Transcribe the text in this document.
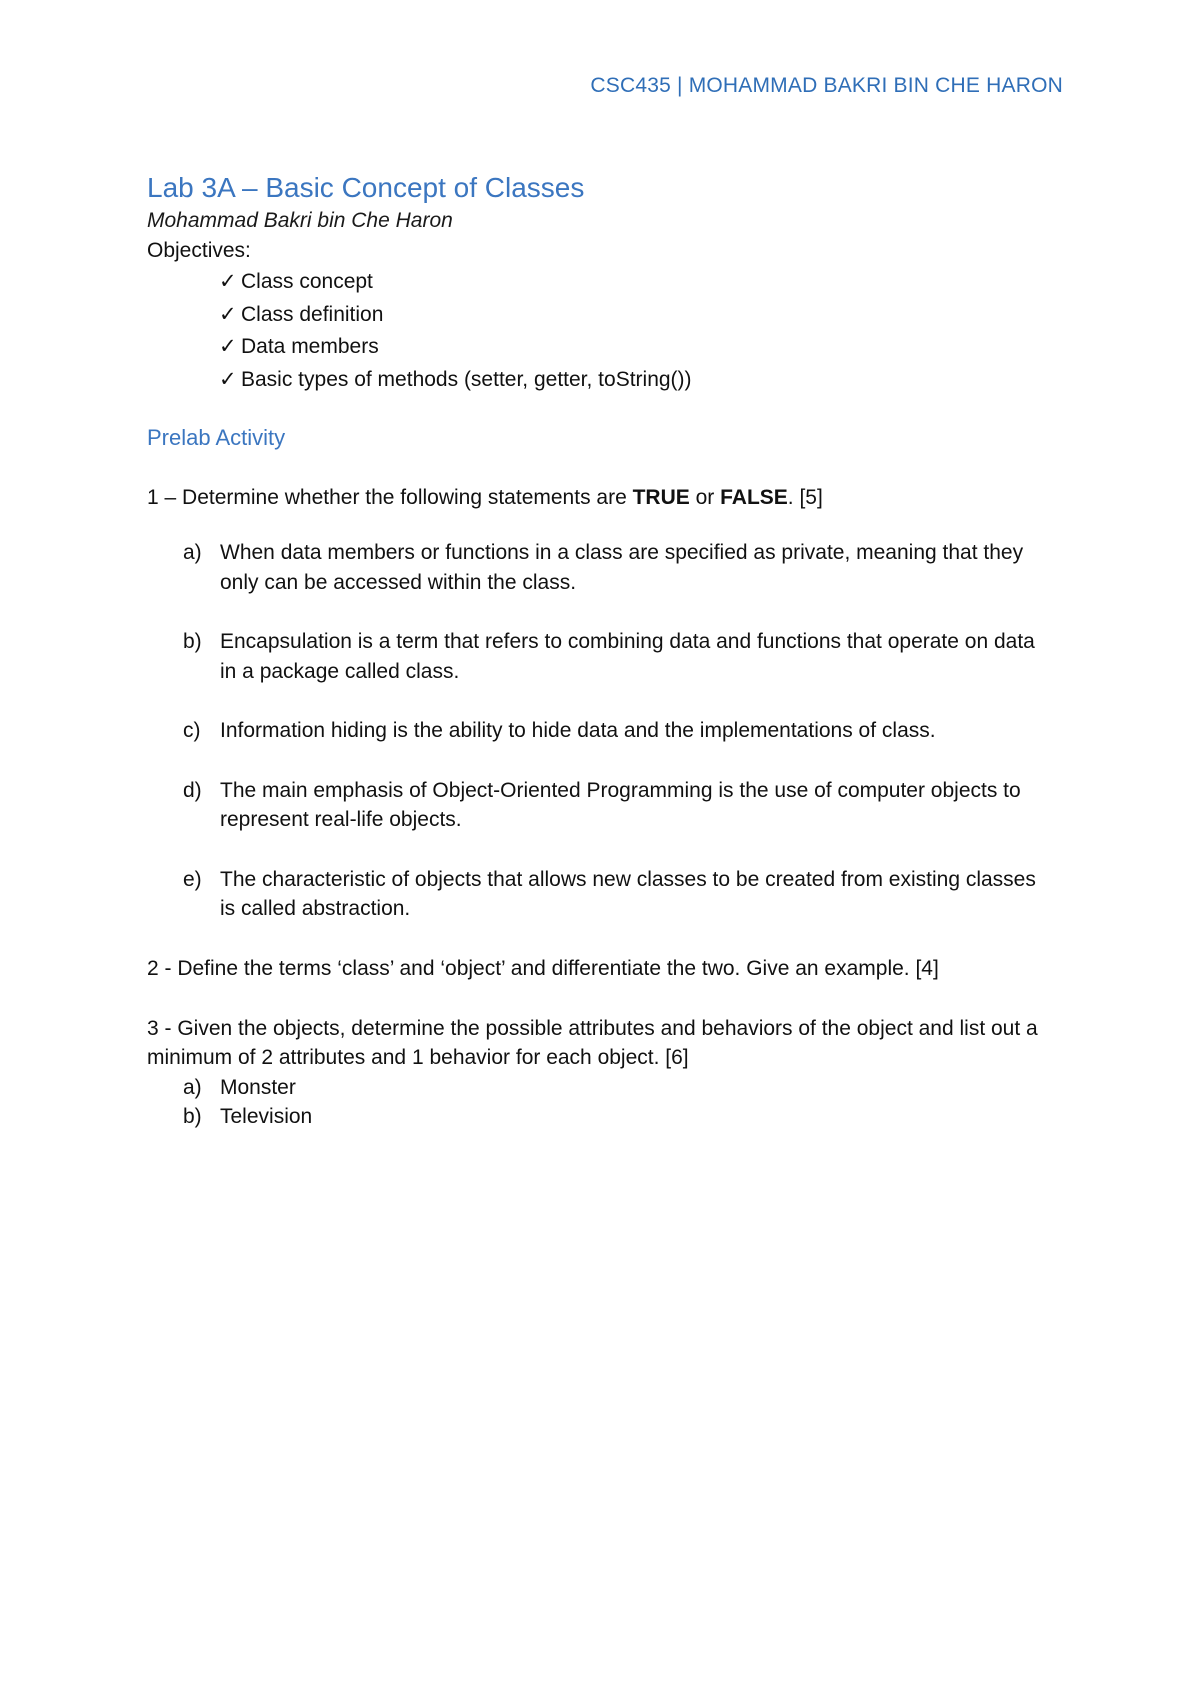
CSC435 | MOHAMMAD BAKRI BIN CHE HARON
Lab 3A – Basic Concept of Classes
Mohammad Bakri bin Che Haron
Objectives:
✓ Class concept
✓ Class definition
✓ Data members
✓ Basic types of methods (setter, getter, toString())
Prelab Activity
1 – Determine whether the following statements are TRUE or FALSE. [5]
a) When data members or functions in a class are specified as private, meaning that they only can be accessed within the class.
b) Encapsulation is a term that refers to combining data and functions that operate on data in a package called class.
c) Information hiding is the ability to hide data and the implementations of class.
d) The main emphasis of Object-Oriented Programming is the use of computer objects to represent real-life objects.
e) The characteristic of objects that allows new classes to be created from existing classes is called abstraction.
2 - Define the terms ‘class’ and ‘object’ and differentiate the two. Give an example. [4]
3 - Given the objects, determine the possible attributes and behaviors of the object and list out a minimum of 2 attributes and 1 behavior for each object. [6]
a) Monster
b) Television
